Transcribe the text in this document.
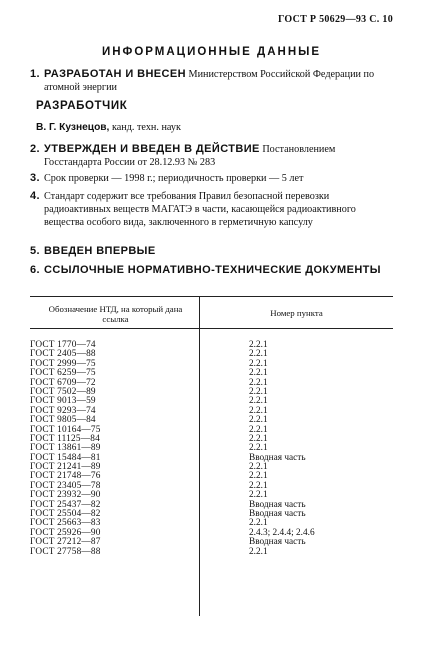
ГОСТ Р 50629—93 С. 10
ИНФОРМАЦИОННЫЕ ДАННЫЕ
1. РАЗРАБОТАН И ВНЕСЕН Министерством Российской Федерации по атомной энергии
РАЗРАБОТЧИК
В. Г. Кузнецов, канд. техн. наук
2. УТВЕРЖДЕН И ВВЕДЕН В ДЕЙСТВИЕ Постановлением Госстандарта России от 28.12.93 № 283
3. Срок проверки — 1998 г.; периодичность проверки — 5 лет
4. Стандарт содержит все требования Правил безопасной перевозки радиоактивных веществ МАГАТЭ в части, касающейся радиоактивного вещества особого вида, заключенного в герметичную капсулу
5. ВВЕДЕН ВПЕРВЫЕ
6. ССЫЛОЧНЫЕ НОРМАТИВНО-ТЕХНИЧЕСКИЕ ДОКУМЕНТЫ
Обозначение НТД, на который дана ссылка
Номер пункта
ГОСТ 1770—74	2.2.1
ГОСТ 2405—88	2.2.1
ГОСТ 2999—75	2.2.1
ГОСТ 6259—75	2.2.1
ГОСТ 6709—72	2.2.1
ГОСТ 7502—89	2.2.1
ГОСТ 9013—59	2.2.1
ГОСТ 9293—74	2.2.1
ГОСТ 9805—84	2.2.1
ГОСТ 10164—75	2.2.1
ГОСТ 11125—84	2.2.1
ГОСТ 13861—89	2.2.1
ГОСТ 15484—81	Вводная часть
ГОСТ 21241—89	2.2.1
ГОСТ 21748—76	2.2.1
ГОСТ 23405—78	2.2.1
ГОСТ 23932—90	2.2.1
ГОСТ 25437—82	Вводная часть
ГОСТ 25504—82	Вводная часть
ГОСТ 25663—83	2.2.1
ГОСТ 25926—90	2.4.3; 2.4.4; 2.4.6
ГОСТ 27212—87	Вводная часть
ГОСТ 27758—88	2.2.1
